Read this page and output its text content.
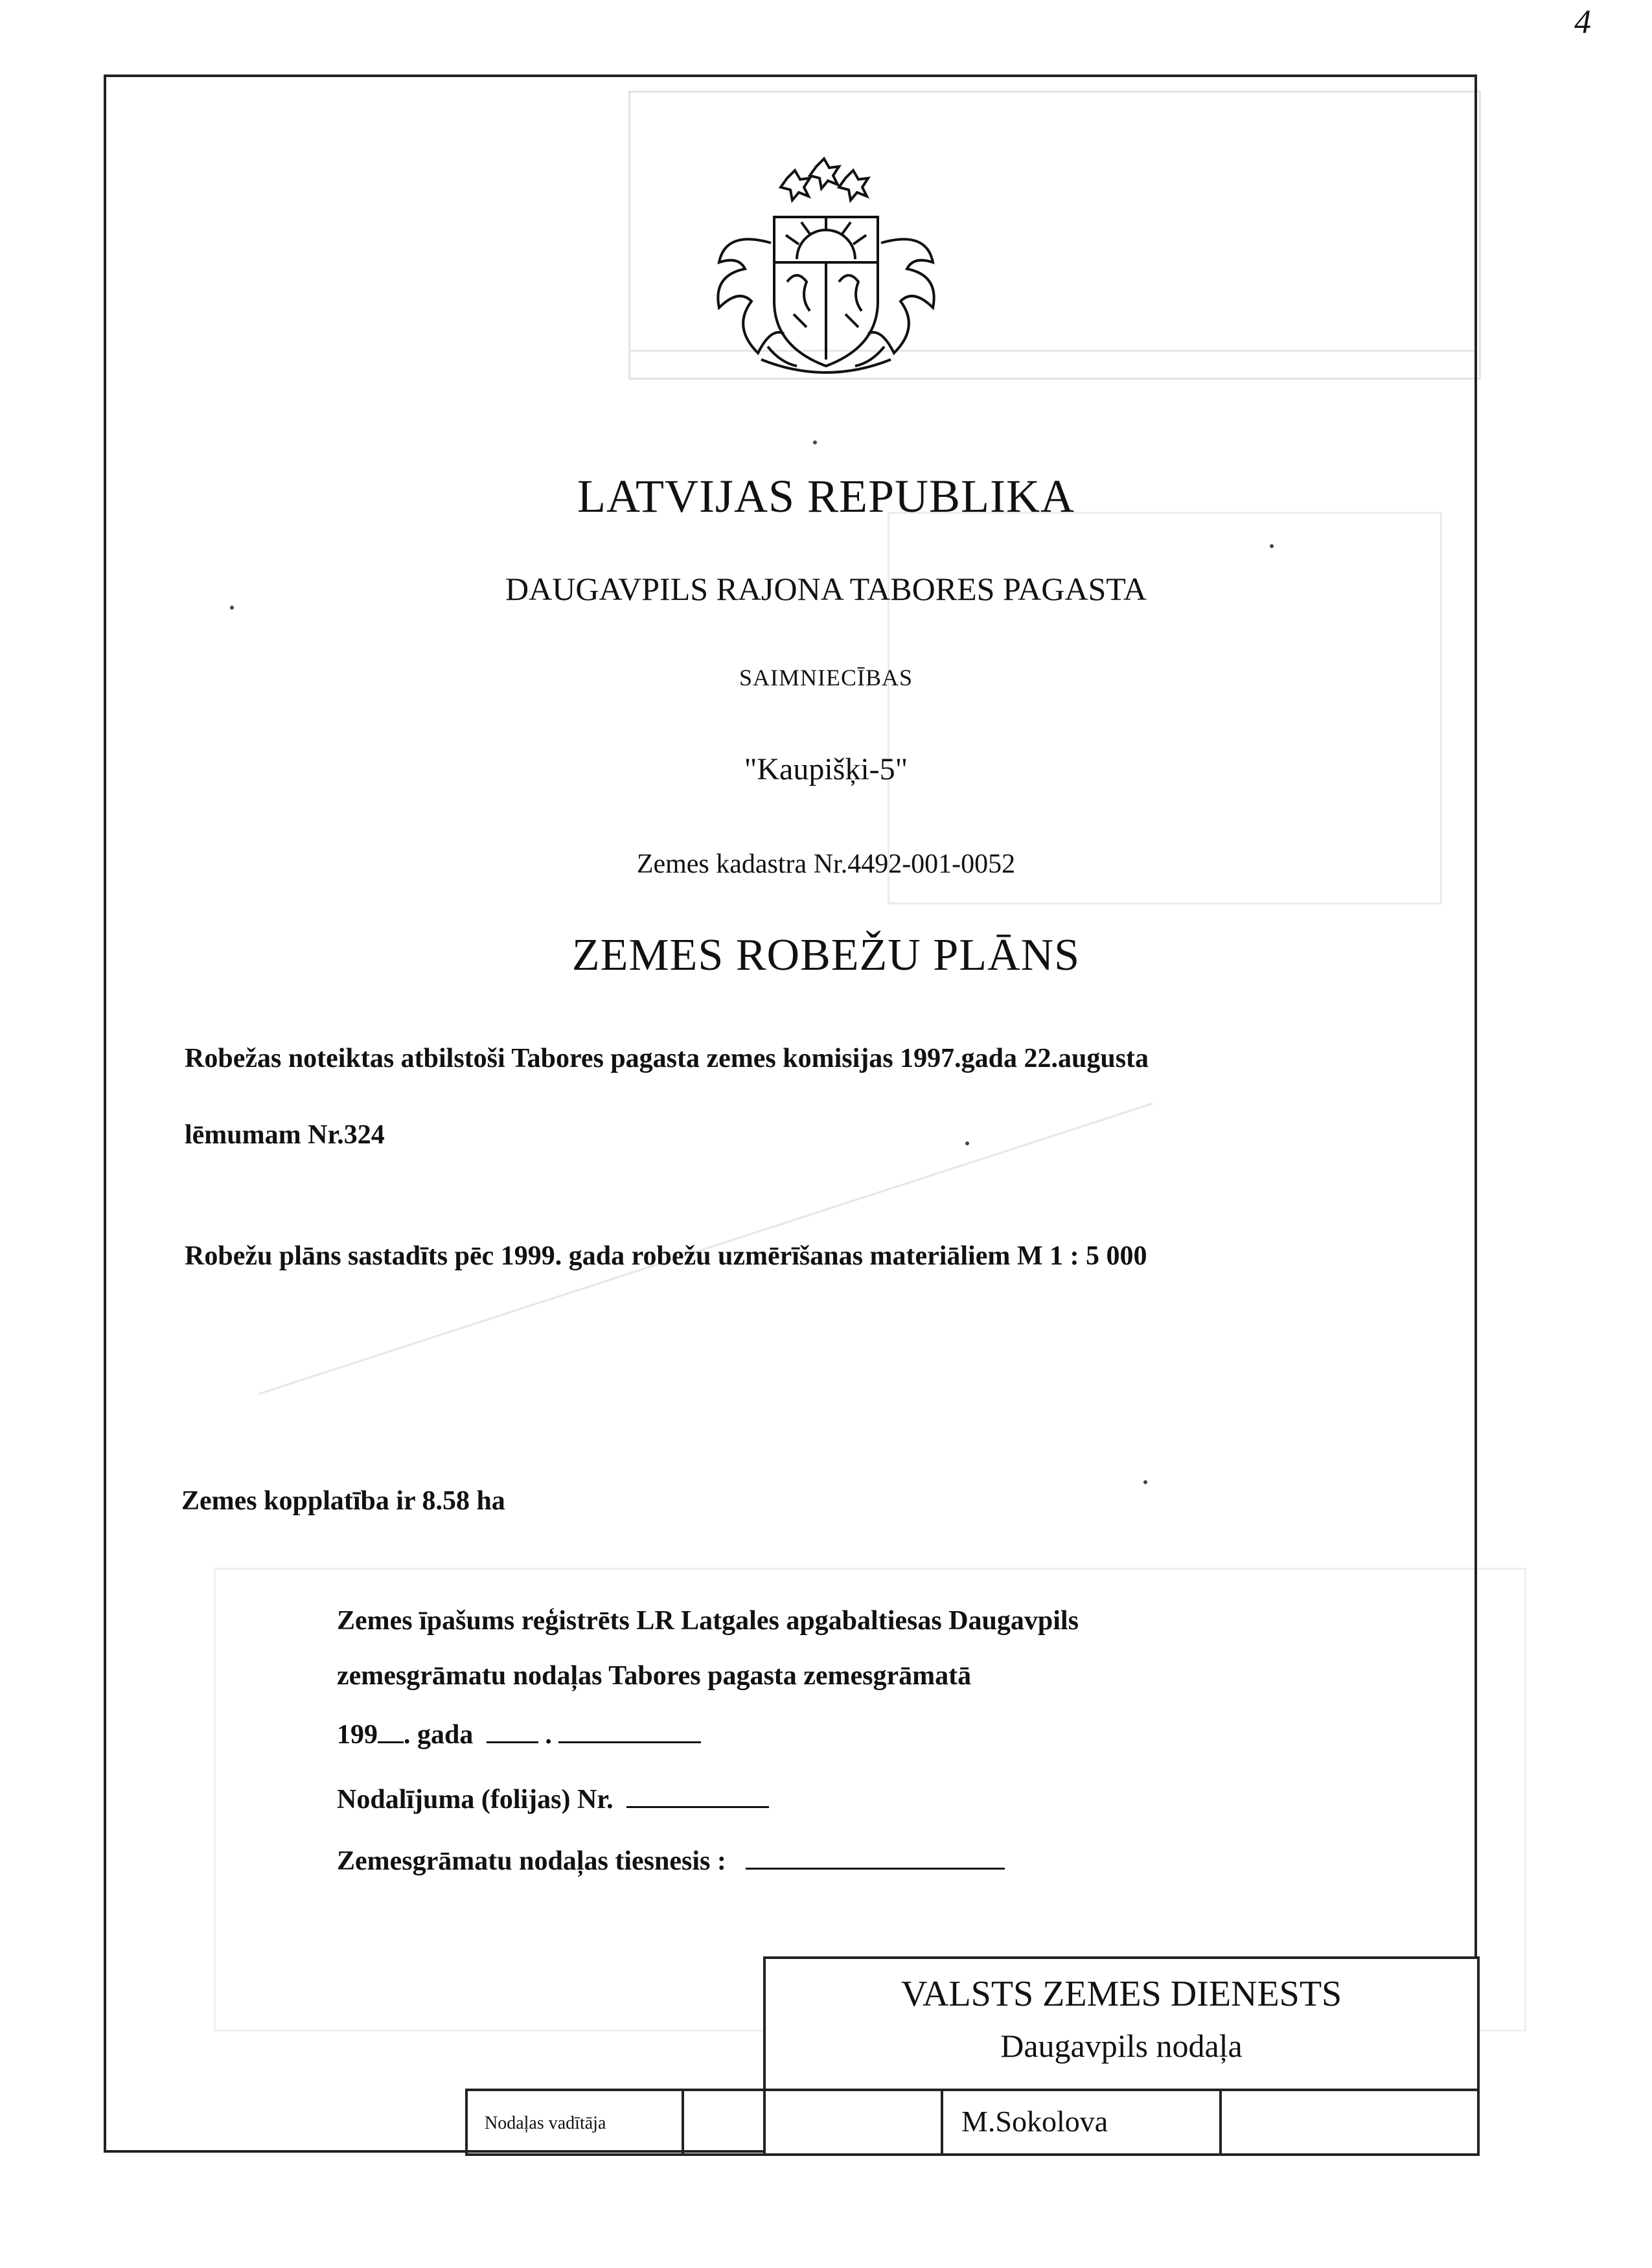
4
LATVIJAS REPUBLIKA
DAUGAVPILS RAJONA TABORES PAGASTA
SAIMNIECĪBAS
"Kaupišķi-5"
Zemes kadastra Nr.4492-001-0052
ZEMES ROBEŽU PLĀNS
Robežas noteiktas atbilstoši Tabores pagasta zemes komisijas 1997.gada 22.augusta
lēmumam Nr.324
Robežu plāns sastadīts pēc 1999. gada robežu uzmērīšanas materiāliem M 1 : 5 000
Zemes kopplatība ir 8.58 ha
Zemes īpašums reģistrēts LR Latgales apgabaltiesas Daugavpils
zemesgrāmatu nodaļas Tabores pagasta zemesgrāmatā
199 . gada	.
Nodalījuma (folijas) Nr.
Zemesgrāmatu nodaļas tiesnesis :
VALSTS ZEMES DIENESTS
Daugavpils nodaļa
Nodaļas vadītāja	M.Sokolova
